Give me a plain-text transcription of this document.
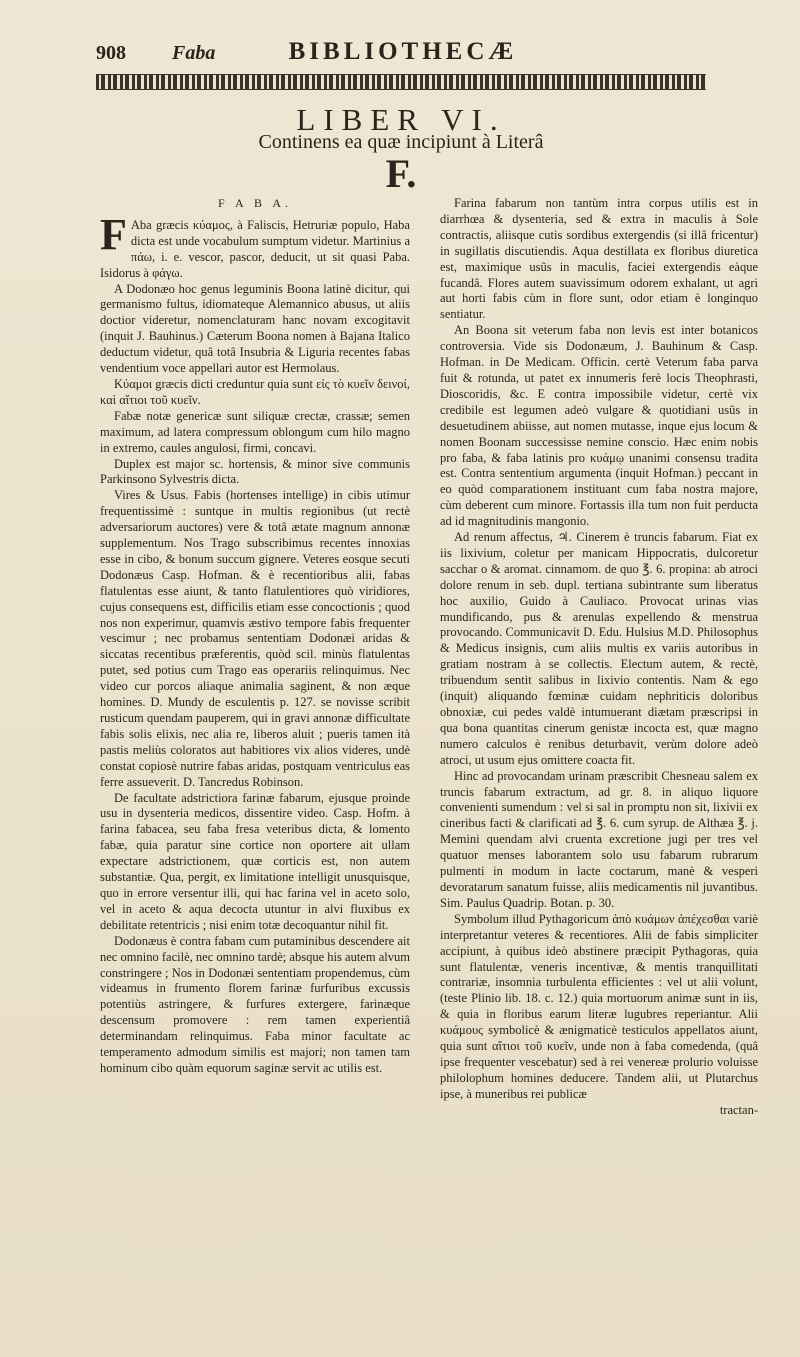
908 Faba	BIBLIOTHECÆ
LIBER VI.
Continens ea quæ incipiunt à Literâ
F.
F A B A.

F Aba græcis κύαμος, à Faliscis, Hetruriæ populo, Haba dicta est unde vocabulum sumptum videtur. Martinius a πάω, i. e. vescor, pascor, deducit, ut sit quasi Paba. Isidorus à φάγω.

A Dodonæo hoc genus leguminis Boona latinè dicitur, qui germanismo fultus, idiomateque Alemannico abusus, ut aliis doctior videretur, nomenclaturam hanc novam excogitavit (inquit J. Bauhinus.) Cæterum Boona nomen à Bajana Italico deductum videtur, quâ totâ Insubria & Liguria recentes fabas vendentium voce appellari autor est Hermolaus.

Κύαμοι græcis dicti creduntur quia sunt εἰς τὸ κυεῖν δεινοί, καὶ αἴτιοι τοῦ κυεῖν.

Fabæ notæ genericæ sunt siliquæ crectæ, crassæ; semen maximum, ad latera compressum oblongum cum hilo magno in extremo, caules angulosi, firmi, concavi.

Duplex est major sc. hortensis, & minor sive communis Parkinsono Sylvestris dicta.

Vires & Usus. Fabis (hortenses intellige) in cibis utimur frequentissimè : suntque in multis regionibus (ut rectè adversariorum auctores) vere & totâ ætate magnum annonæ supplementum. Nos Trago subscribimus recentes innoxias esse in cibo, & bonum succum gignere. Veteres eosque secuti Dodonæus Casp. Hofman. & è recentioribus alii, fabas flatulentas esse aiunt, & tanto flatulentiores quò viridiores, cujus consequens est, difficilis etiam esse concoctionis ; quod nos non experimur, quamvis æstivo tempore fabis frequenter vescimur ; nec probamus sententiam Dodonæi aridas & siccatas recentibus præferentis, quòd scil. minùs flatulentas putet, sed potius cum Trago eas operariis relinquimus. Nec video cur porcos aliaque animalia saginent, & non æque homines. D. Mundy de esculentis p. 127. se novisse scribit rusticum quendam pauperem, qui in gravi annonæ difficultate fabis solis elixis, nec alia re, liberos aluit ; pueris tamen ità pastis meliùs coloratos aut habitiores vix alios videres, undè constat copiosè nutrire fabas aridas, postquam ventriculus eas ferre assueverit. D. Tancredus Robinson.

De facultate adstrictiora farinæ fabarum, ejusque proinde usu in dysenteria medicos, dissentire video. Casp. Hofm. à farina fabacea, seu faba fresa veteribus dicta, & lomento fabæ, quia paratur sine cortice non oportere ait ullam expectare adstrictionem, quæ corticis est, non autem substantiæ. Qua, pergit, ex limitatione intelligit unusquisque, quo in errore versentur illi, qui hac farina vel in aceto solo, vel in aceto & aqua decocta utuntur in alvi fluxibus ex debilitate retentricis ; nisi enim totæ decoquantur nihil fit.

Dodonæus è contra fabam cum putaminibus descendere ait nec omnino facilè, nec omnino tardè; absque his autem alvum constringere ; Nos in Dodonæi sententiam propendemus, cùm videamus in frumento florem farinæ furfuribus excussis potentiùs astringere, & furfures extergere, farinæque descensum promovere : rem tamen experientiâ determinandam relinquimus. Faba minor facultate ac temperamento admodum similis est majori; non tamen tam hominum cibo quàm equorum saginæ servit ac utilis est.

Farina fabarum non tantùm intra corpus utilis est in diarrhœa & dysenteria, sed & extra in maculis à Sole contractis, aliisque cutis sordibus extergendis (si illâ fricentur) in sugillatis discutiendis. Aqua destillata ex floribus diuretica est, maximique usûs in maculis, faciei extergendis eàque fucandâ. Flores autem suavissimum odorem exhalant, ut agri aut horti fabis cùm in flore sunt, odor etiam è longinquo sentiatur.

An Boona sit veterum faba non levis est inter botanicos controversia. Vide sis Dodonæum, J. Bauhinum & Casp. Hofman. in De Medicam. Officin. certè Veterum faba parva fuit & rotunda, ut patet ex innumeris ferè locis Theophrasti, Dioscoridis, &c. E contra impossibile videtur, certè vix credibile est legumen adeò vulgare & quotidiani usûs in desuetudinem abiisse, aut nomen mutasse, inque ejus locum & nomen Boonam successisse nemine conscio. Hæc enim nobis pro faba, & faba latinis pro κυάμῳ unanimi consensu tradita est. Contra sententium argumenta (inquit Hofman.) peccant in eo quòd comparationem instituant cum faba nostra majore, cùm deberent cum minore. Fortassis illa tum non fuit perducta ad id magnitudinis mangonio.

Ad renum affectus, ♃. Cinerem è truncis fabarum. Fiat ex iis lixivium, coletur per manicam Hippocratis, dulcoretur sacchar o & aromat. cinnamom. de quo ℥. 6. propina: ab atroci dolore renum in seb. dupl. tertiana subintrante sum liberatus hoc auxilio, Guido à Cauliaco. Provocat urinas vias mundificando, pus & arenulas expellendo & menstrua provocando. Communicavit D. Edu. Hulsius M.D. Philosophus & Medicus insignis, cum aliis multis ex variis autoribus in gratiam nostram à se collectis. Electum autem, & rectè, tribuendum sentit salibus in lixivio contentis. Nam & ego (inquit) aliquando fœminæ cuidam nephriticis doloribus obnoxiæ, cui pedes valdè intumuerant diætam præscripsi in qua bona quantitas cinerum genistæ incocta est, quæ magno numero calculos è renibus deturbavit, verùm dolore adeò atroci, ut usum ejus omittere coacta fit.

Hinc ad provocandam urinam præscribit Chesneau salem ex truncis fabarum extractum, ad gr. 8. in aliquo liquore convenienti sumendum : vel si sal in promptu non sit, lixivii ex cineribus facti & clarificati ad ℥. 6. cum syrup. de Althæa ℥. j. Memini quendam alvi cruenta excretione jugi per tres vel quatuor menses laborantem solo usu fabarum rubrarum pulmenti in modum in lacte coctarum, manè & vesperi devoratarum sanatum fuisse, aliis medicamentis nil juvantibus. Sim. Paulus Quadrip. Botan. p. 30.

Symbolum illud Pythagoricum ἀπὸ κυάμων ἀπέχεσθαι variè interpretantur veteres & recentiores. Alii de fabis simpliciter accipiunt, à quibus ideò abstinere præcipit Pythagoras, quia sunt flatulentæ, veneris incentivæ, & mentis tranquillitati contrariæ, insomnia turbulenta efficientes : vel ut alii volunt, (teste Plinio lib. 18. c. 12.) quia mortuorum animæ sunt in iis, & quia in floribus earum literæ lugubres reperiantur. Alii κυάμους symbolicè & ænigmaticè testiculos appellatos aiunt, quia sunt αἴτιοι τοῦ κυεῖν, unde non à faba comedenda, (quâ ipse frequenter vescebatur) sed à rei venereæ prolurio voluisse philolophum homines deducere. Tandem alii, ut Plutarchus ipse, à muneribus rei publicæ

tractan-
